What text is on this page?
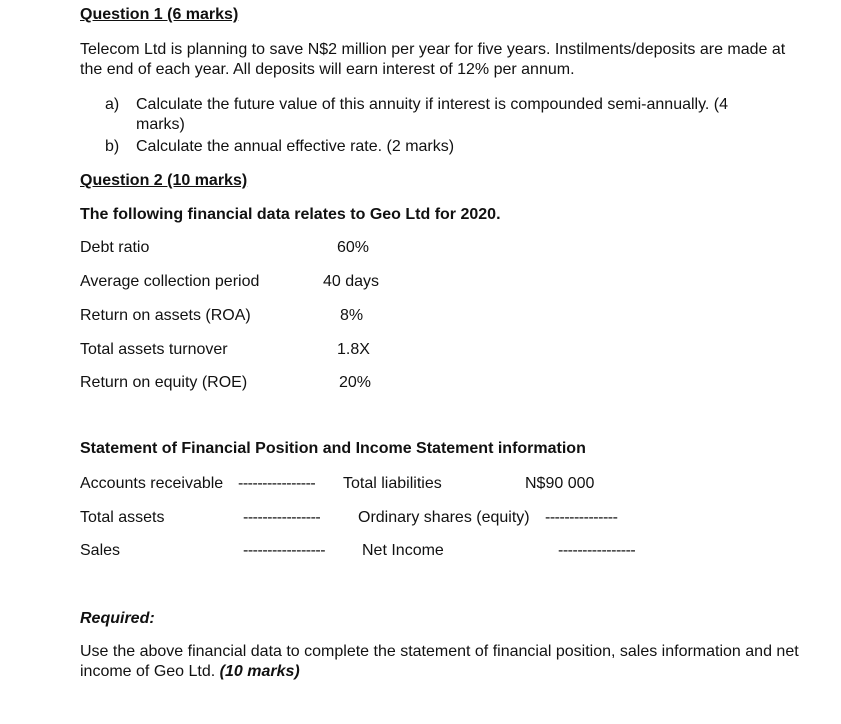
Question 1 (6 marks)
Telecom Ltd is planning to save N$2 million per year for five years. Instilments/deposits are made at the end of each year. All deposits will earn interest of 12% per annum.
a) Calculate the future value of this annuity if interest is compounded semi-annually. (4 marks)
b) Calculate the annual effective rate. (2 marks)
Question 2 (10 marks)
The following financial data relates to Geo Ltd for 2020.
Debt ratio	60%
Average collection period	40 days
Return on assets (ROA)	8%
Total assets turnover	1.8X
Return on equity (ROE)	20%
Statement of Financial Position and Income Statement information
Accounts receivable ---------------- Total liabilities	N$90 000
Total assets	---------------- Ordinary shares (equity) ---------------
Sales	----------------- Net Income	----------------
Required:
Use the above financial data to complete the statement of financial position, sales information and net income of Geo Ltd. (10 marks)
